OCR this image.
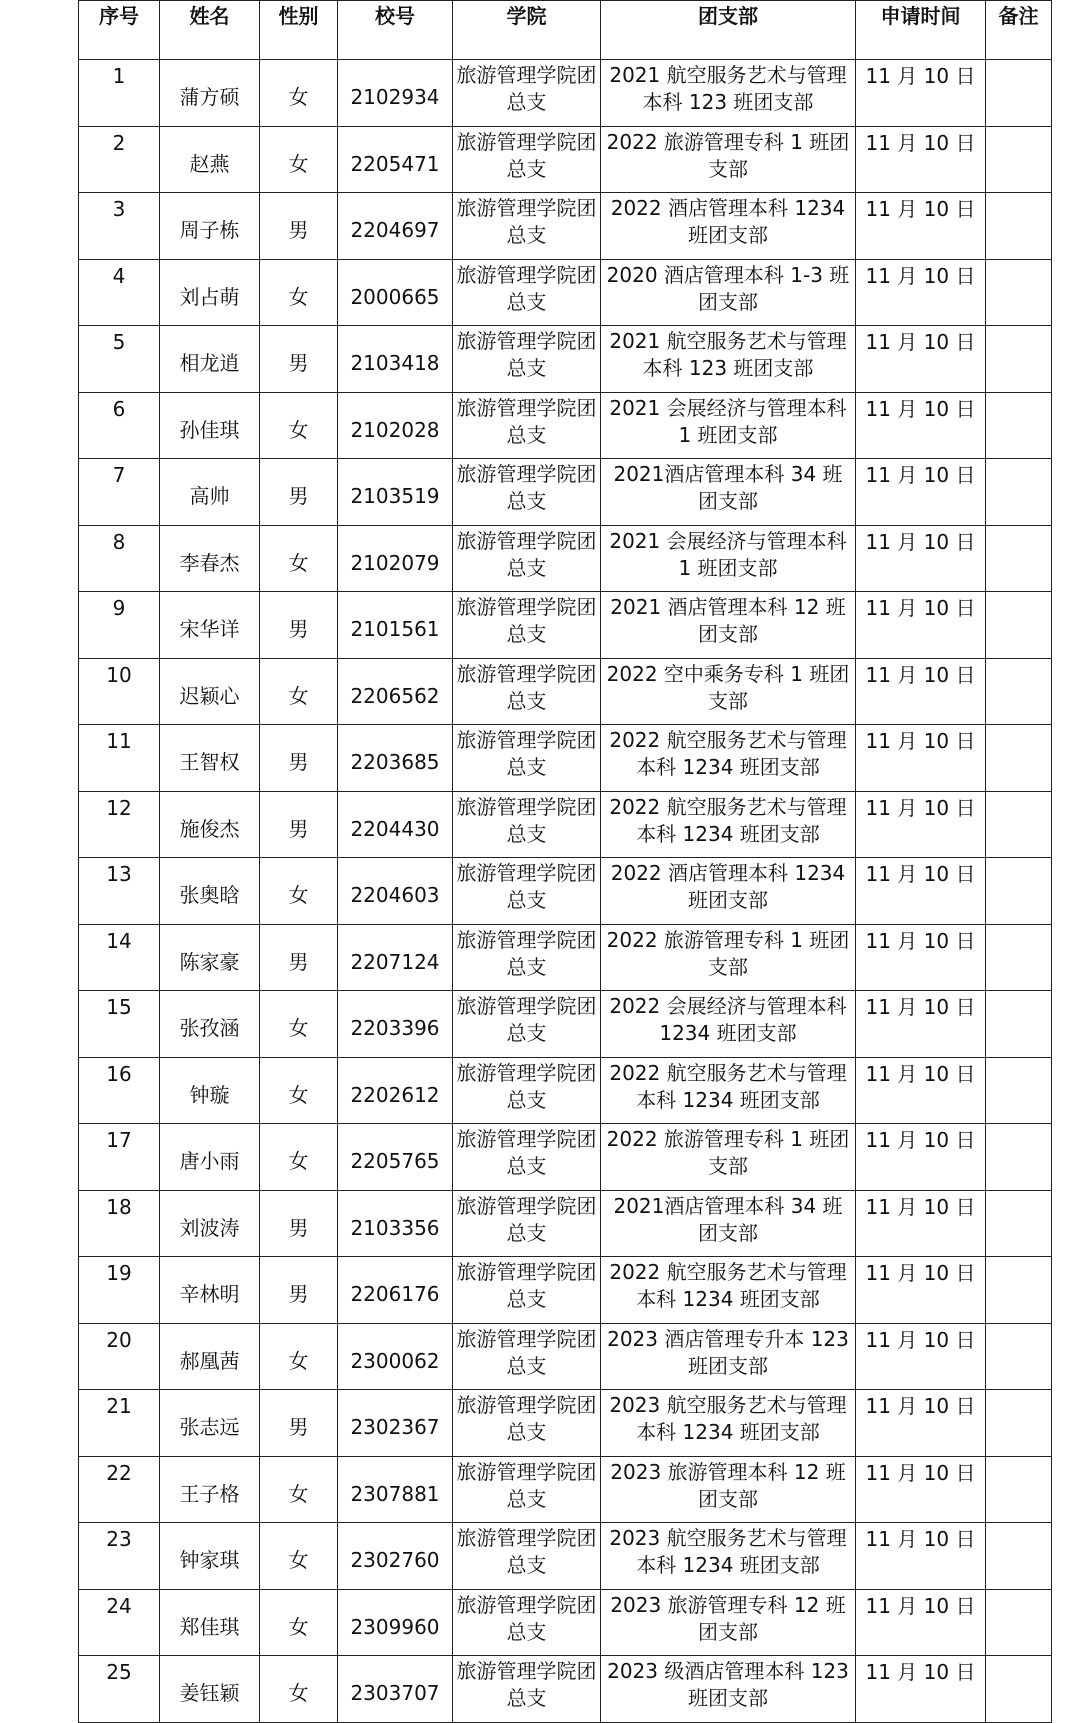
序号	姓名	性别	校号	学院	团支部	申请时间	备注
1	蒲方硕	女	2102934	旅游管理学院团总支	2021 航空服务艺术与管理本科 123 班团支部	11 月 10 日	
2	赵燕	女	2205471	旅游管理学院团总支	2022 旅游管理专科 1 班团支部	11 月 10 日	
3	周子栋	男	2204697	旅游管理学院团总支	2022 酒店管理本科 1234 班团支部	11 月 10 日	
4	刘占萌	女	2000665	旅游管理学院团总支	2020 酒店管理本科 1-3 班团支部	11 月 10 日	
5	相龙逍	男	2103418	旅游管理学院团总支	2021 航空服务艺术与管理本科 123 班团支部	11 月 10 日	
6	孙佳琪	女	2102028	旅游管理学院团总支	2021 会展经济与管理本科 1 班团支部	11 月 10 日	
7	高帅	男	2103519	旅游管理学院团总支	2021酒店管理本科 34 班团支部	11 月 10 日	
8	李春杰	女	2102079	旅游管理学院团总支	2021 会展经济与管理本科 1 班团支部	11 月 10 日	
9	宋华详	男	2101561	旅游管理学院团总支	2021 酒店管理本科 12 班团支部	11 月 10 日	
10	迟颖心	女	2206562	旅游管理学院团总支	2022 空中乘务专科 1 班团支部	11 月 10 日	
11	王智权	男	2203685	旅游管理学院团总支	2022 航空服务艺术与管理本科 1234 班团支部	11 月 10 日	
12	施俊杰	男	2204430	旅游管理学院团总支	2022 航空服务艺术与管理本科 1234 班团支部	11 月 10 日	
13	张奥晗	女	2204603	旅游管理学院团总支	2022 酒店管理本科 1234 班团支部	11 月 10 日	
14	陈家豪	男	2207124	旅游管理学院团总支	2022 旅游管理专科 1 班团支部	11 月 10 日	
15	张孜涵	女	2203396	旅游管理学院团总支	2022 会展经济与管理本科 1234 班团支部	11 月 10 日	
16	钟璇	女	2202612	旅游管理学院团总支	2022 航空服务艺术与管理本科 1234 班团支部	11 月 10 日	
17	唐小雨	女	2205765	旅游管理学院团总支	2022 旅游管理专科 1 班团支部	11 月 10 日	
18	刘波涛	男	2103356	旅游管理学院团总支	2021酒店管理本科 34 班团支部	11 月 10 日	
19	辛林明	男	2206176	旅游管理学院团总支	2022 航空服务艺术与管理本科 1234 班团支部	11 月 10 日	
20	郝凰茜	女	2300062	旅游管理学院团总支	2023 酒店管理专升本 123 班团支部	11 月 10 日	
21	张志远	男	2302367	旅游管理学院团总支	2023 航空服务艺术与管理本科 1234 班团支部	11 月 10 日	
22	王子格	女	2307881	旅游管理学院团总支	2023 旅游管理本科 12 班团支部	11 月 10 日	
23	钟家琪	女	2302760	旅游管理学院团总支	2023 航空服务艺术与管理本科 1234 班团支部	11 月 10 日	
24	郑佳琪	女	2309960	旅游管理学院团总支	2023 旅游管理专科 12 班团支部	11 月 10 日	
25	姜钰颖	女	2303707	旅游管理学院团总支	2023 级酒店管理本科 123 班团支部	11 月 10 日	
